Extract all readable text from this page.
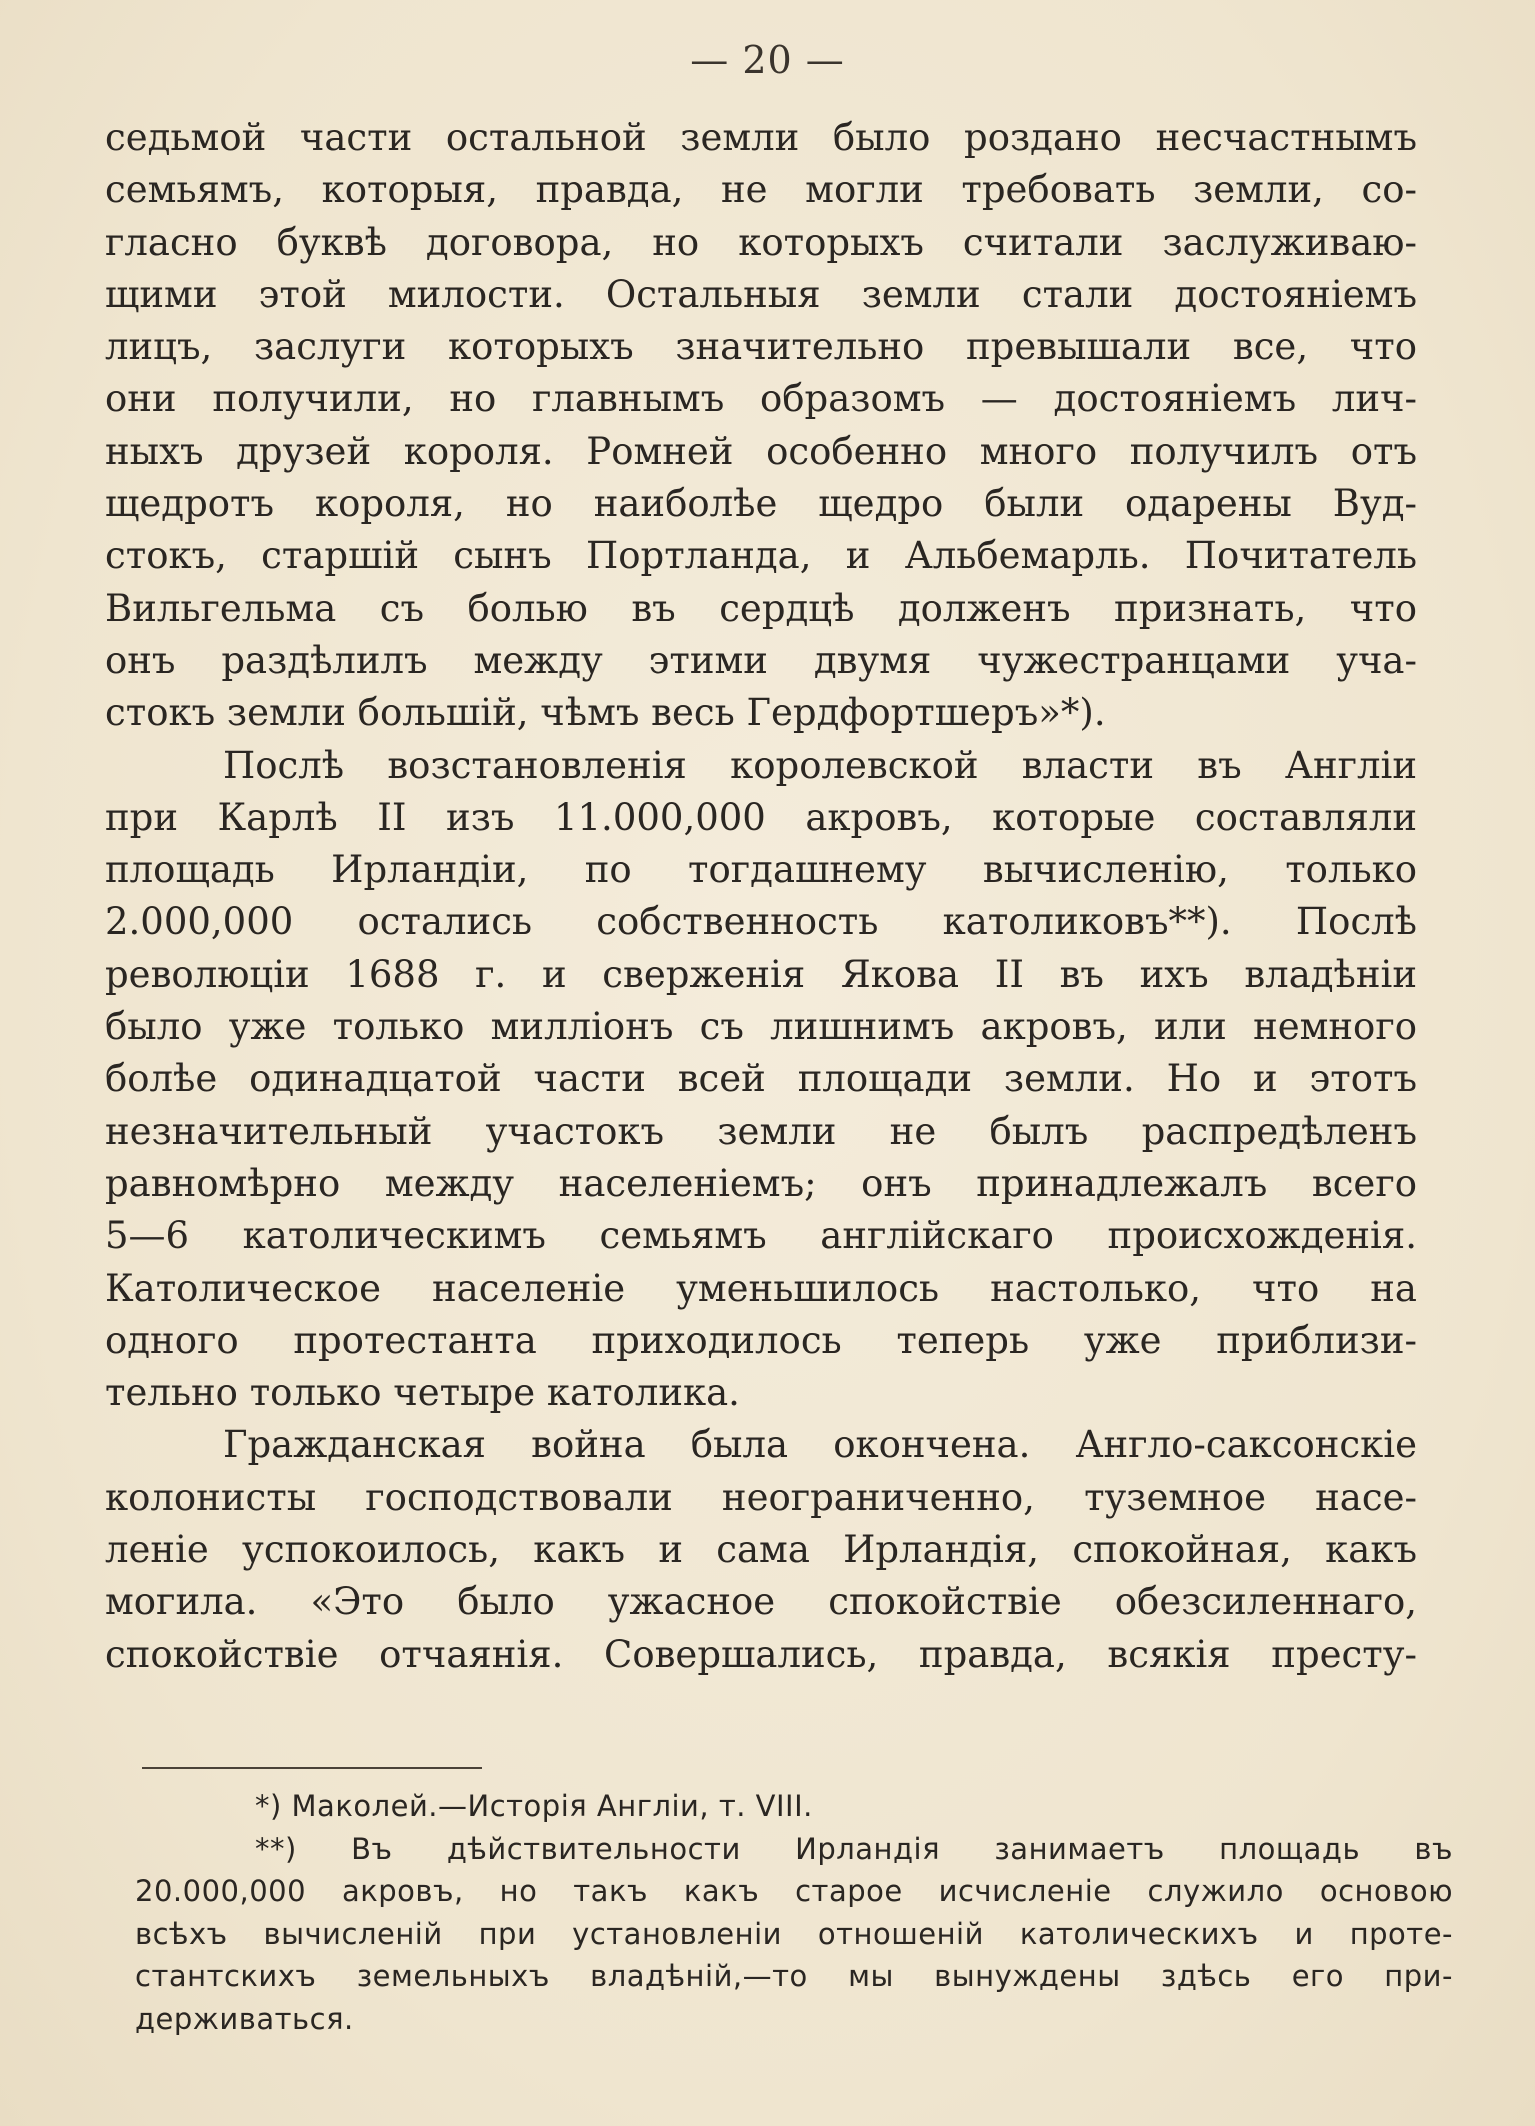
— 20 —
седьмой части остальной земли было роздано несчастнымъ
семьямъ, которыя, правда, не могли требовать земли, со-
гласно буквѣ договора, но которыхъ считали заслуживаю-
щими этой милости. Остальныя земли стали достояніемъ
лицъ, заслуги которыхъ значительно превышали все, что
они получили, но главнымъ образомъ — достояніемъ лич-
ныхъ друзей короля. Ромней особенно много получилъ отъ
щедротъ короля, но наиболѣе щедро были одарены Вуд-
стокъ, старшій сынъ Портланда, и Альбемарль. Почитатель
Вильгельма съ болью въ сердцѣ долженъ признать, что
онъ раздѣлилъ между этими двумя чужестранцами уча-
стокъ земли большій, чѣмъ весь Гердфортшеръ»*).
Послѣ возстановленія королевской власти въ Англіи
при Карлѣ II изъ 11.000,000 акровъ, которые составляли
площадь Ирландіи, по тогдашнему вычисленію, только
2.000,000 остались собственность католиковъ**). Послѣ
революціи 1688 г. и сверженія Якова II въ ихъ владѣніи
было уже только милліонъ съ лишнимъ акровъ, или немного
болѣе одинадцатой части всей площади земли. Но и этотъ
незначительный участокъ земли не былъ распредѣленъ
равномѣрно между населеніемъ; онъ принадлежалъ всего
5—6 католическимъ семьямъ англійскаго происхожденія.
Католическое населеніе уменьшилось настолько, что на
одного протестанта приходилось теперь уже приблизи-
тельно только четыре католика.
Гражданская война была окончена. Англо-саксонскіе
колонисты господствовали неограниченно, туземное насе-
леніе успокоилось, какъ и сама Ирландія, спокойная, какъ
могила. «Это было ужасное спокойствіе обезсиленнаго,
спокойствіе отчаянія. Совершались, правда, всякія престу-
*) Маколей.—Исторія Англіи, т. VIII.
**) Въ дѣйствительности Ирландія занимаетъ площадь въ
20.000,000 акровъ, но такъ какъ старое исчисленіе служило основою
всѣхъ вычисленій при установленіи отношеній католическихъ и проте-
стантскихъ земельныхъ владѣній,—то мы вынуждены здѣсь его при-
держиваться.
